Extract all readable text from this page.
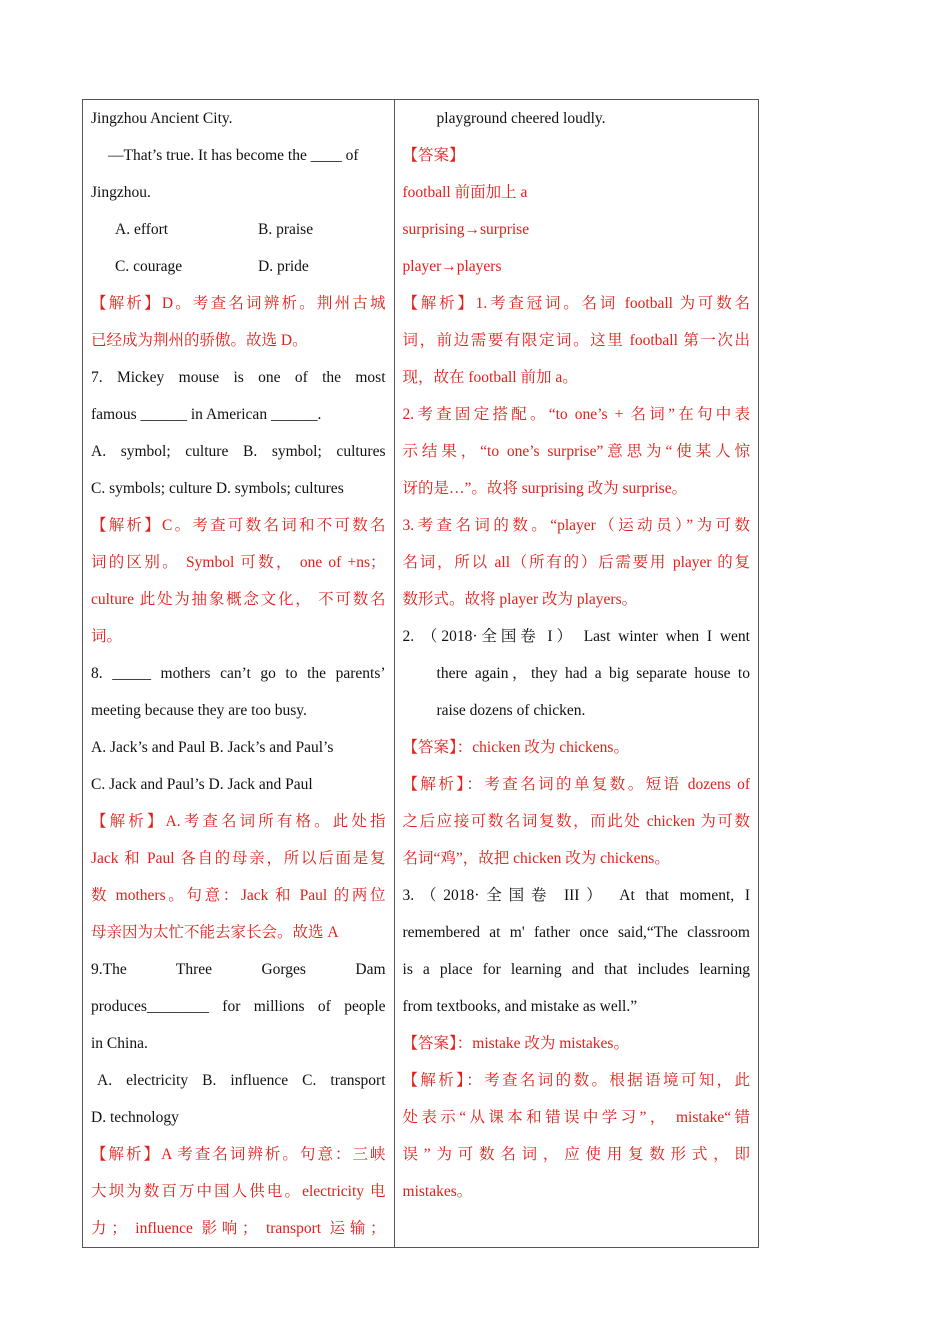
Jingzhou Ancient City.
—That’s true. It has become the ____ of
Jingzhou.
A. effort	B. praise
C. courage	D. pride
【解析】D。考查名词辨析。荆州古城
已经成为荆州的骄傲。故选 D。
7. Mickey mouse is one of the most
famous ______ in American ______.
A. symbol; culture B. symbol; cultures
C. symbols; culture D. symbols; cultures
【解析】C。考查可数名词和不可数名
词的区别。 Symbol 可数， one of +ns；
culture 此处为抽象概念文化， 不可数名
词。
8. _____ mothers can’t go to the parents’
meeting because they are too busy.
A. Jack’s and Paul B. Jack’s and Paul’s
C. Jack and Paul’s D. Jack and Paul
【解析】A.考查名词所有格。此处指
Jack 和 Paul 各自的母亲，所以后面是复
数 mothers。句意：Jack 和 Paul 的两位
母亲因为太忙不能去家长会。故选 A
9.The Three Gorges Dam
produces________ for millions of people
in China.
A. electricity B. influence C. transport
D. technology
【解析】A 考查名词辨析。句意：三峡
大坝为数百万中国人供电。electricity 电
力； influence 影响； transport 运输；

playground cheered loudly.
【答案】
football 前面加上 a
surprising→surprise
player→players
【解析】1.考查冠词。名词 football 为可数名
词，前边需要有限定词。这里 football 第一次出
现，故在 football 前加 a。
2.考查固定搭配。“to one’s + 名词”在句中表
示结果，“to one’s surprise”意思为“使某人惊
讶的是…”。故将 surprising 改为 surprise。
3.考查名词的数。“player（运动员）”为可数
名词，所以 all（所有的）后需要用 player 的复
数形式。故将 player 改为 players。
2. （2018·全国卷 I） Last winter when I went
there again，they had a big separate house to
raise dozens of chicken.
【答案】：chicken 改为 chickens。
【解析】：考查名词的单复数。短语 dozens of
之后应接可数名词复数，而此处 chicken 为可数
名词“鸡”，故把 chicken 改为 chickens。
3.（2018·全国卷 III） At that moment, I
remembered at m' father once said,“The classroom
is a place for learning and that includes learning
from textbooks, and mistake as well.”
【答案】：mistake 改为 mistakes。
【解析】：考查名词的数。根据语境可知，此
处表示“从课本和错误中学习”， mistake“错
误”为可数名词，应使用复数形式，即
mistakes。
